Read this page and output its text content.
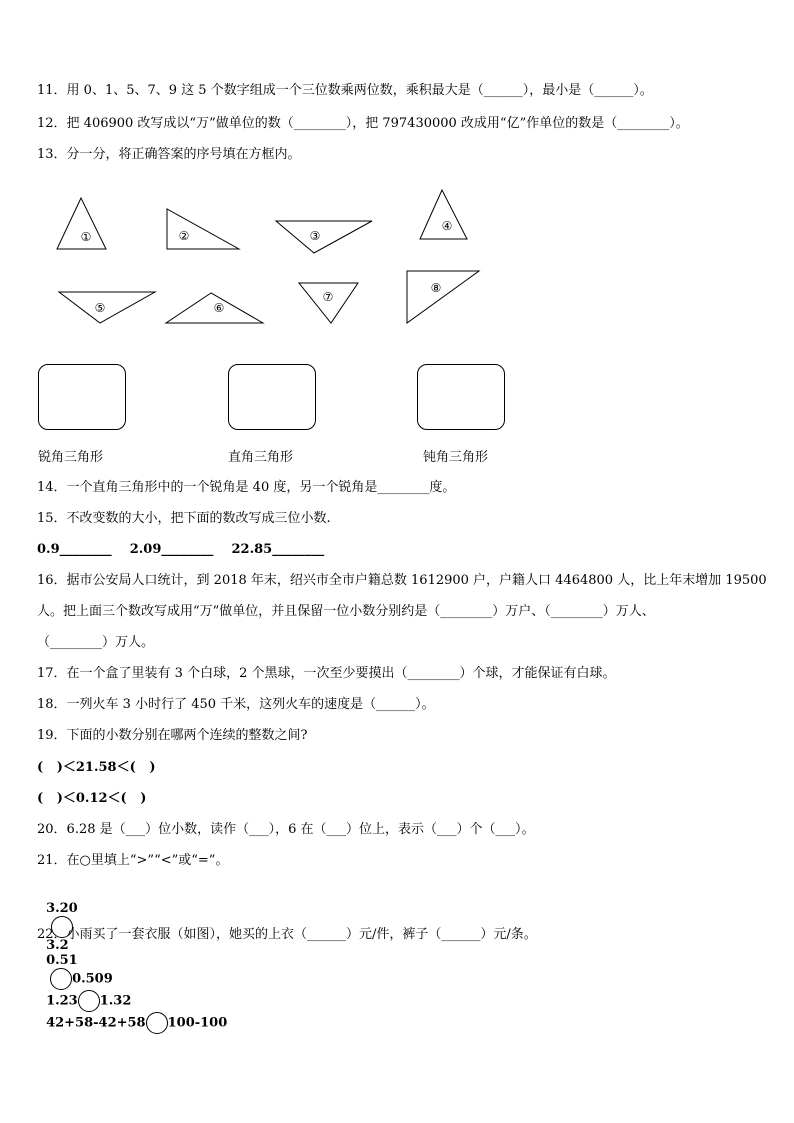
11．用 0、1、5、7、9 这 5 个数字组成一个三位数乘两位数，乘积最大是（______），最小是（______）。
12．把 406900 改写成以“万”做单位的数（________），把 797430000 改成用“亿”作单位的数是（________）。
13．分一分，将正确答案的序号填在方框内。
①	②	③
④
⑤	⑥
⑦
⑧
锐角三角形	直角三角形	钝角三角形
14．一个直角三角形中的一个锐角是 40 度，另一个锐角是________度。
15．不改变数的大小，把下面的数改写成三位小数.
0.9________    2.09________    22.85________
16．据市公安局人口统计，到 2018 年末，绍兴市全市户籍总数 1612900 户，户籍人口 4464800 人，比上年末增加 19500
人。把上面三个数改写成用“万”做单位，并且保留一位小数分别约是（________）万户、（________）万人、
（________）万人。
17．在一个盒了里装有 3 个白球，2 个黑球，一次至少要摸出（________）个球，才能保证有白球。
18．一列火车 3 小时行了 450 千米，这列火车的速度是（______）。
19．下面的小数分别在哪两个连续的整数之间?
(   )＜21.58＜(   )
(   )＜0.12＜(   )
20．6.28 是（___）位小数，读作（___），6 在（___）位上，表示（___）个（___）。
21．在○里填上“>”“<”或“=”。

3.20

3.2
0.51
0.509
1.23 1.32
42+58-42+58 100-100

22．小雨买了一套衣服（如图），她买的上衣（______）元/件，裤子（______）元/条。
